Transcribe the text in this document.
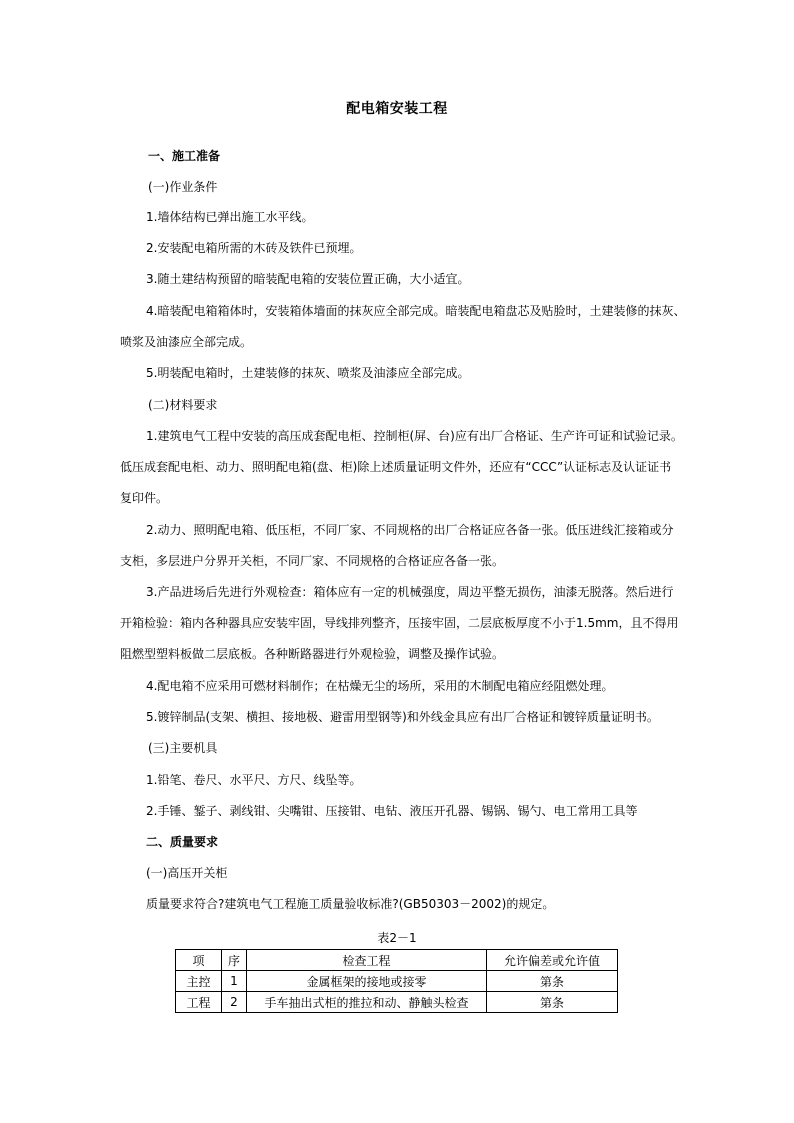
配电箱安装工程
一、施工准备
(一)作业条件
1.墙体结构已弹出施工水平线。
2.安装配电箱所需的木砖及铁件已预埋。
3.随土建结构预留的暗装配电箱的安装位置正确，大小适宜。
4.暗装配电箱箱体时，安装箱体墙面的抹灰应全部完成。暗装配电箱盘芯及贴脸时，土建装修的抹灰、
喷浆及油漆应全部完成。
5.明装配电箱时，土建装修的抹灰、喷浆及油漆应全部完成。
(二)材料要求
1.建筑电气工程中安装的高压成套配电柜、控制柜(屏、台)应有出厂合格证、生产许可证和试验记录。
低压成套配电柜、动力、照明配电箱(盘、柜)除上述质量证明文件外，还应有“CCC”认证标志及认证证书
复印件。
2.动力、照明配电箱、低压柜，不同厂家、不同规格的出厂合格证应各备一张。低压进线汇接箱或分
支柜，多层进户分界开关柜，不同厂家、不同规格的合格证应各备一张。
3.产品进场后先进行外观检查：箱体应有一定的机械强度，周边平整无损伤，油漆无脱落。然后进行
开箱检验：箱内各种器具应安装牢固，导线排列整齐，压接牢固，二层底板厚度不小于1.5mm，且不得用
阻燃型塑料板做二层底板。各种断路器进行外观检验，调整及操作试验。
4.配电箱不应采用可燃材料制作；在枯燥无尘的场所，采用的木制配电箱应经阻燃处理。
5.镀锌制品(支架、横担、接地极、避雷用型钢等)和外线金具应有出厂合格证和镀锌质量证明书。
(三)主要机具
1.铅笔、卷尺、水平尺、方尺、线坠等。
2.手锤、錾子、剥线钳、尖嘴钳、压接钳、电钻、液压开孔器、锡锅、锡勺、电工常用工具等
二、质量要求
(一)高压开关柜
质量要求符合?建筑电气工程施工质量验收标准?(GB50303－2002)的规定。
表2－1
项	序	检查工程	允许偏差或允许值
主控	1	金属框架的接地或接零	第条
工程	2	手车抽出式柜的推拉和动、静触头检查	第条
